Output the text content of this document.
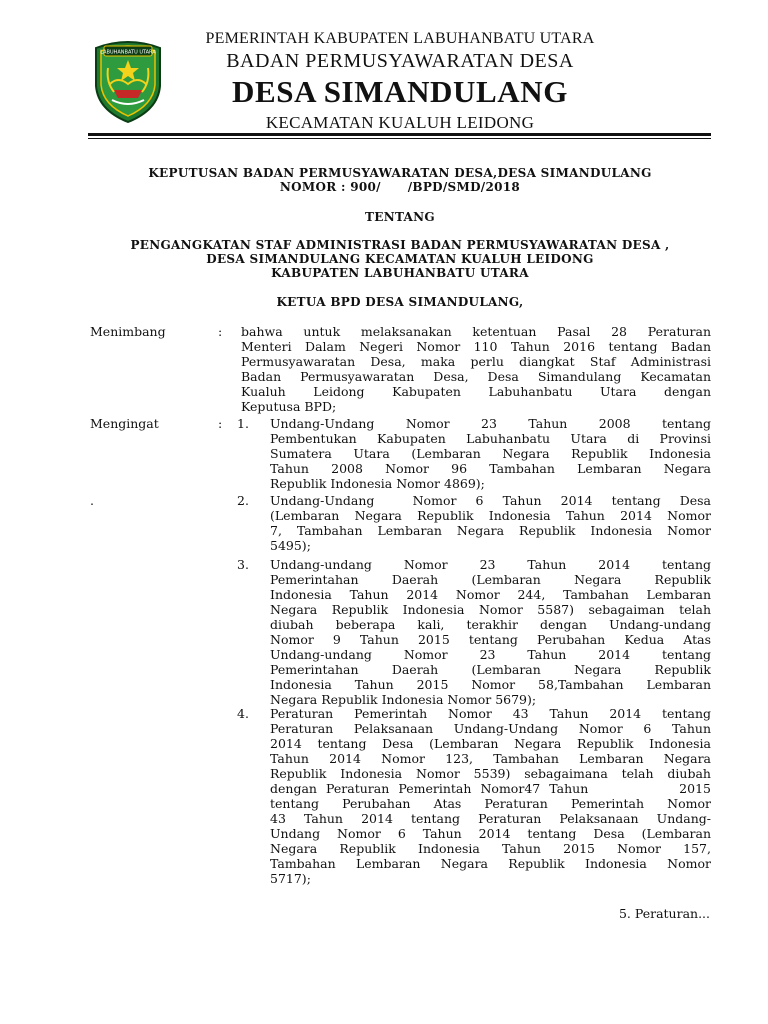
LABUHANBATU UTARA
PEMERINTAH KABUPATEN LABUHANBATU UTARA
BADAN PERMUSYAWARATAN DESA
DESA SIMANDULANG
KECAMATAN KUALUH LEIDONG
KEPUTUSAN BADAN PERMUSYAWARATAN DESA,DESA SIMANDULANG
NOMOR : 900/      /BPD/SMD/2018
TENTANG
PENGANGKATAN STAF ADMINISTRASI BADAN PERMUSYAWARATAN DESA ,
DESA SIMANDULANG KECAMATAN KUALUH LEIDONG
KABUPATEN LABUHANBATU UTARA
KETUA BPD DESA SIMANDULANG,
Menimbang	: bahwa untuk melaksanakan ketentuan Pasal 28 Peraturan
Menteri Dalam Negeri Nomor 110 Tahun 2016 tentang Badan
Permusyawaratan Desa, maka perlu diangkat Staf Administrasi
Badan Permusyawaratan Desa, Desa Simandulang Kecamatan
Kualuh Leidong Kabupaten Labuhanbatu Utara dengan
Keputusa BPD;
Mengingat	:
.
1. Undang-Undang Nomor 23 Tahun 2008 tentang
Pembentukan Kabupaten Labuhanbatu Utara di Provinsi
Sumatera Utara (Lembaran Negara Republik Indonesia
Tahun 2008 Nomor 96 Tambahan Lembaran Negara
Republik Indonesia Nomor 4869);
2. Undang-Undang  Nomor 6 Tahun 2014 tentang Desa
(Lembaran Negara Republik Indonesia Tahun 2014 Nomor
7, Tambahan Lembaran Negara Republik Indonesia Nomor
5495);
3. Undang-undang Nomor 23 Tahun 2014 tentang
Pemerintahan Daerah (Lembaran Negara Republik
Indonesia Tahun 2014 Nomor 244, Tambahan Lembaran
Negara Republik Indonesia Nomor 5587) sebagaiman telah
diubah beberapa kali, terakhir dengan Undang-undang
Nomor 9 Tahun 2015 tentang Perubahan Kedua Atas
Undang-undang Nomor 23 Tahun 2014 tentang
Pemerintahan Daerah (Lembaran Negara Republik
Indonesia Tahun 2015 Nomor 58,Tambahan Lembaran
Negara Republik Indonesia Nomor 5679);
4. Peraturan Pemerintah Nomor 43 Tahun 2014 tentang
Peraturan Pelaksanaan Undang-Undang Nomor 6 Tahun
2014 tentang Desa (Lembaran Negara Republik Indonesia
Tahun 2014 Nomor 123, Tambahan Lembaran Negara
Republik Indonesia Nomor 5539) sebagaimana telah diubah
dengan Peraturan Pemerintah Nomor47 Tahun          2015
tentang Perubahan Atas Peraturan Pemerintah Nomor
43 Tahun 2014 tentang Peraturan Pelaksanaan Undang-
Undang Nomor 6 Tahun 2014 tentang Desa (Lembaran
Negara Republik Indonesia Tahun 2015 Nomor 157,
Tambahan Lembaran Negara Republik Indonesia Nomor
5717);
5. Peraturan...
